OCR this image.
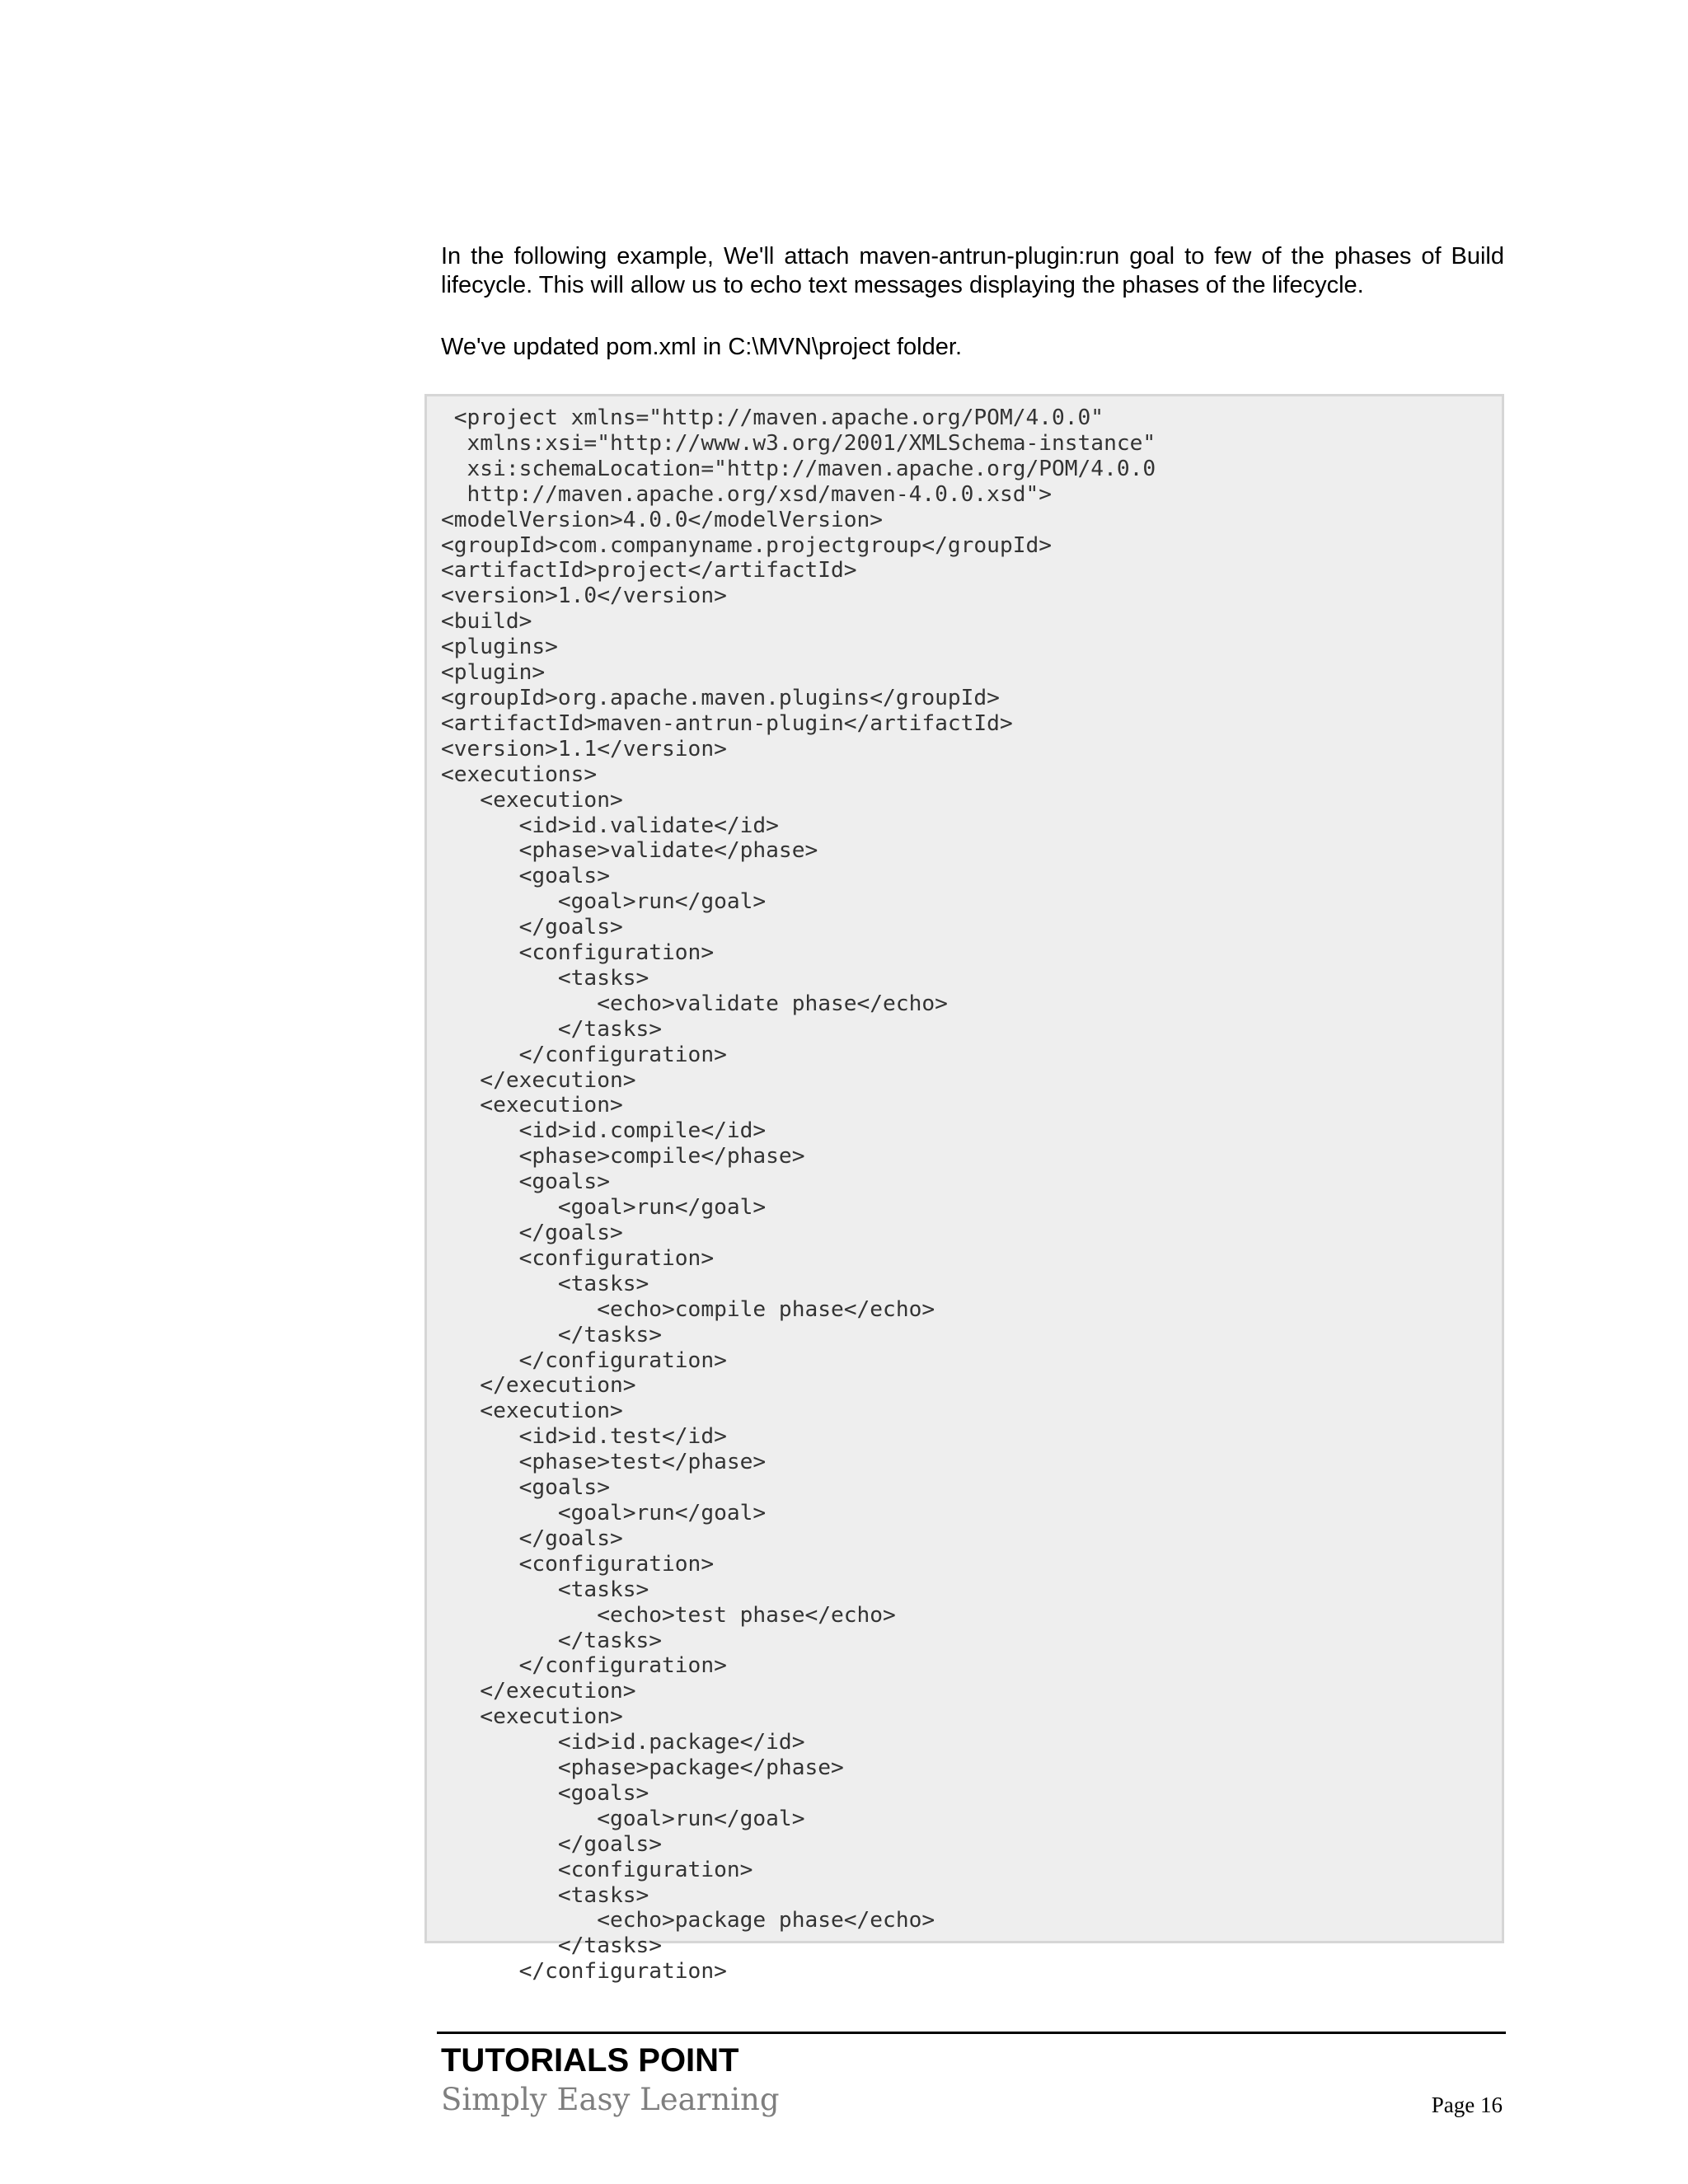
In the following example, We'll attach maven-antrun-plugin:run goal to few of the phases of Build lifecycle. This will allow us to echo text messages displaying the phases of the lifecycle.

We've updated pom.xml in C:\MVN\project folder.

<project xmlns="http://maven.apache.org/POM/4.0.0"
xmlns:xsi="http://www.w3.org/2001/XMLSchema-instance"
xsi:schemaLocation="http://maven.apache.org/POM/4.0.0
http://maven.apache.org/xsd/maven-4.0.0.xsd">
<modelVersion>4.0.0</modelVersion>
<groupId>com.companyname.projectgroup</groupId>
<artifactId>project</artifactId>
<version>1.0</version>
<build>
<plugins>
<plugin>
<groupId>org.apache.maven.plugins</groupId>
<artifactId>maven-antrun-plugin</artifactId>
<version>1.1</version>
<executions>
<execution>
<id>id.validate</id>
<phase>validate</phase>
<goals>
<goal>run</goal>
</goals>
<configuration>
<tasks>
<echo>validate phase</echo>
</tasks>
</configuration>
</execution>
<execution>
<id>id.compile</id>
<phase>compile</phase>
<goals>
<goal>run</goal>
</goals>
<configuration>
<tasks>
<echo>compile phase</echo>
</tasks>
</configuration>
</execution>
<execution>
<id>id.test</id>
<phase>test</phase>
<goals>
<goal>run</goal>
</goals>
<configuration>
<tasks>
<echo>test phase</echo>
</tasks>
</configuration>
</execution>
<execution>
<id>id.package</id>
<phase>package</phase>
<goals>
<goal>run</goal>
</goals>
<configuration>
<tasks>
<echo>package phase</echo>
</tasks>
</configuration>
TUTORIALS POINT
Simply Easy Learning	Page 16
